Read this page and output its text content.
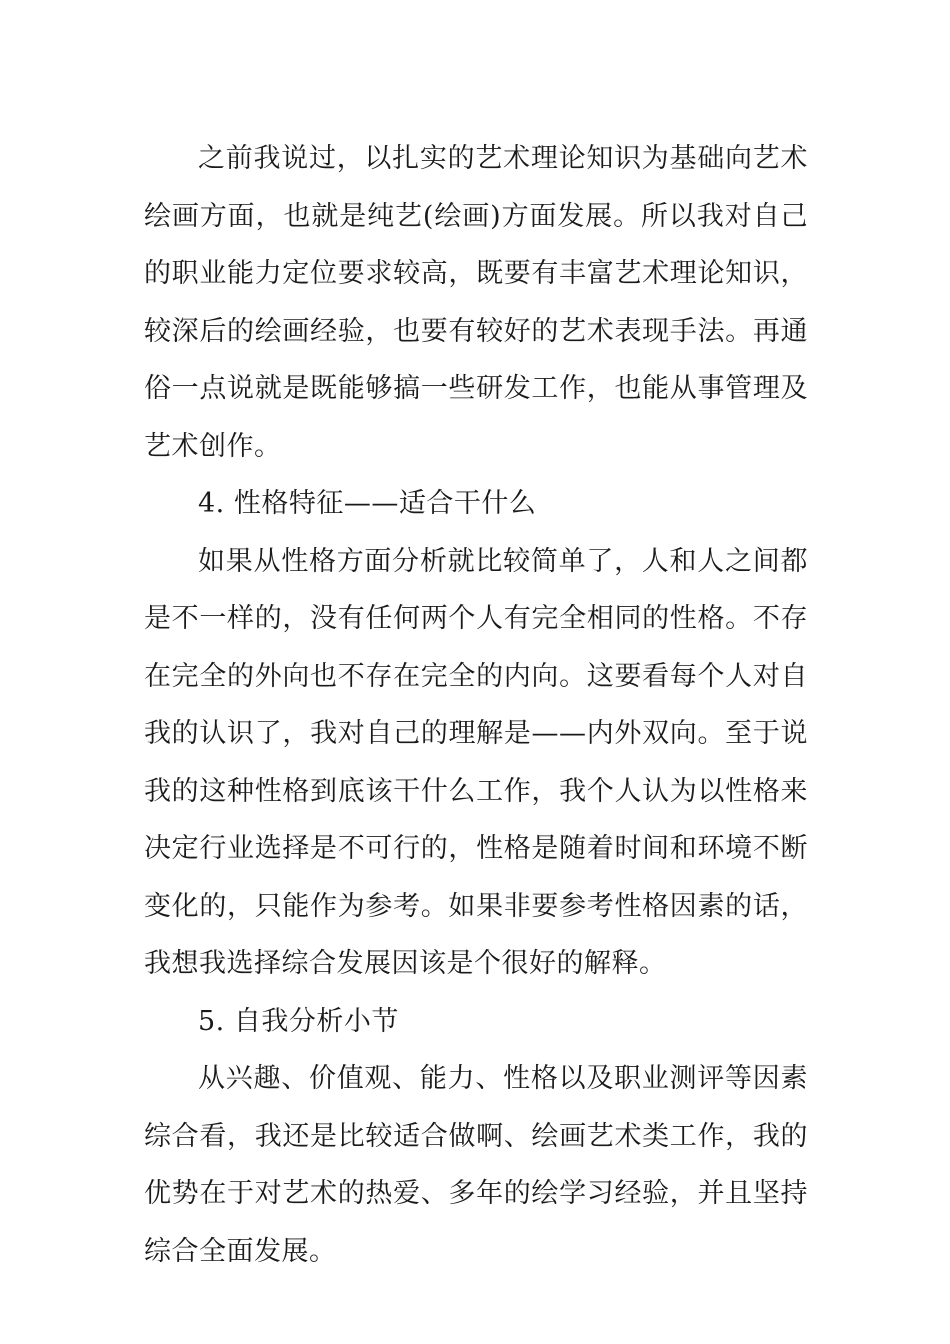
之前我说过，以扎实的艺术理论知识为基础向艺术绘画方面，也就是纯艺(绘画)方面发展。所以我对自己的职业能力定位要求较高，既要有丰富艺术理论知识，较深后的绘画经验，也要有较好的艺术表现手法。再通俗一点说就是既能够搞一些研发工作，也能从事管理及艺术创作。

4. 性格特征——适合干什么

如果从性格方面分析就比较简单了，人和人之间都是不一样的，没有任何两个人有完全相同的性格。不存在完全的外向也不存在完全的内向。这要看每个人对自我的认识了，我对自己的理解是——内外双向。至于说我的这种性格到底该干什么工作，我个人认为以性格来决定行业选择是不可行的，性格是随着时间和环境不断变化的，只能作为参考。如果非要参考性格因素的话，我想我选择综合发展因该是个很好的解释。

5. 自我分析小节

从兴趣、价值观、能力、性格以及职业测评等因素综合看，我还是比较适合做啊、绘画艺术类工作，我的优势在于对艺术的热爱、多年的绘学习经验，并且坚持综合全面发展。
